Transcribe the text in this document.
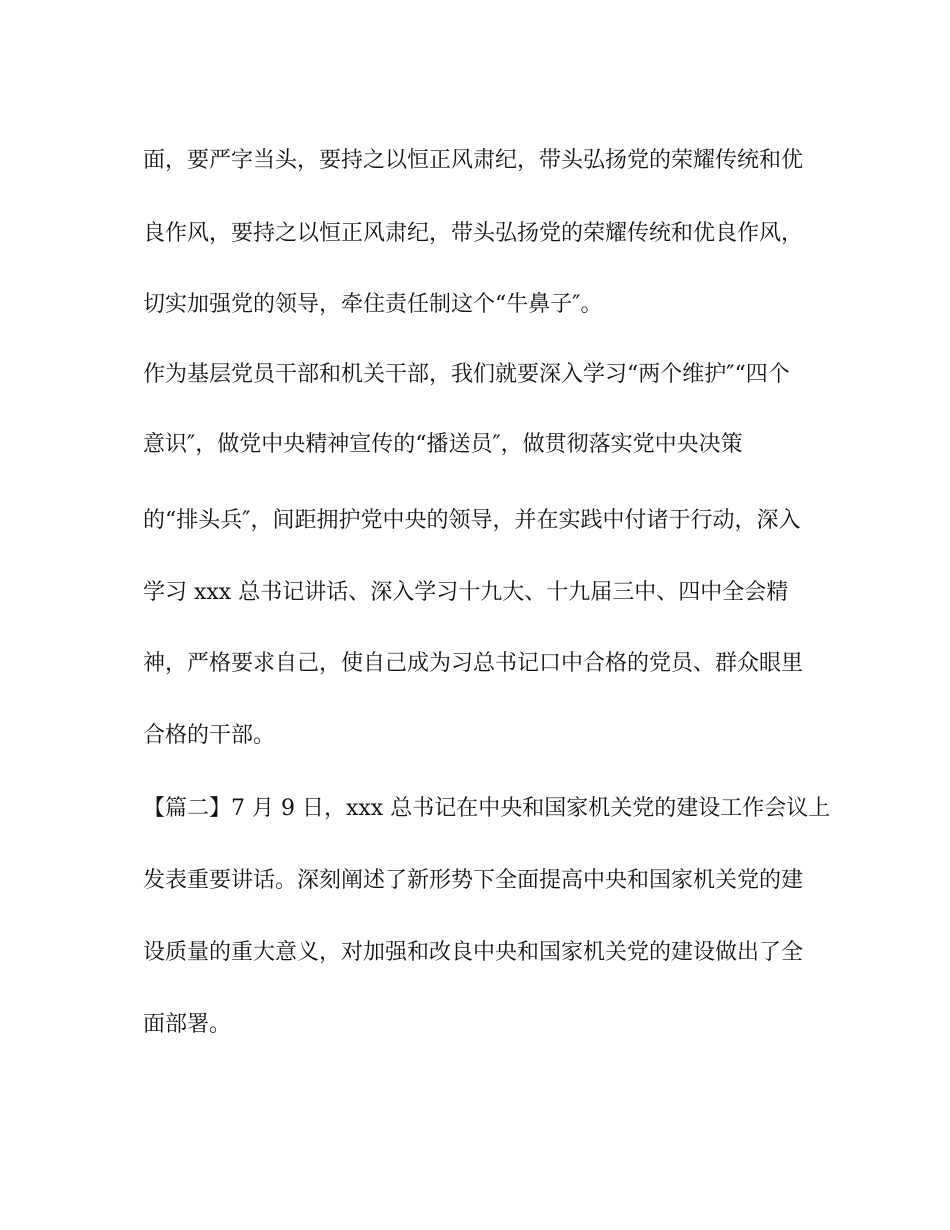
面，要严字当头，要持之以恒正风肃纪，带头弘扬党的荣耀传统和优
良作风，要持之以恒正风肃纪，带头弘扬党的荣耀传统和优良作风，
切实加强党的领导，牵住责任制这个“牛鼻子″。
作为基层党员干部和机关干部，我们就要深入学习“两个维护″“四个
意识″，做党中央精神宣传的“播送员″，做贯彻落实党中央决策
的“排头兵″，间距拥护党中央的领导，并在实践中付诸于行动，深入
学习 xxx 总书记讲话、深入学习十九大、十九届三中、四中全会精
神，严格要求自己，使自己成为习总书记口中合格的党员、群众眼里
合格的干部。
【篇二】7 月 9 日，xxx 总书记在中央和国家机关党的建设工作会议上
发表重要讲话。深刻阐述了新形势下全面提高中央和国家机关党的建
设质量的重大意义，对加强和改良中央和国家机关党的建设做出了全
面部署。
